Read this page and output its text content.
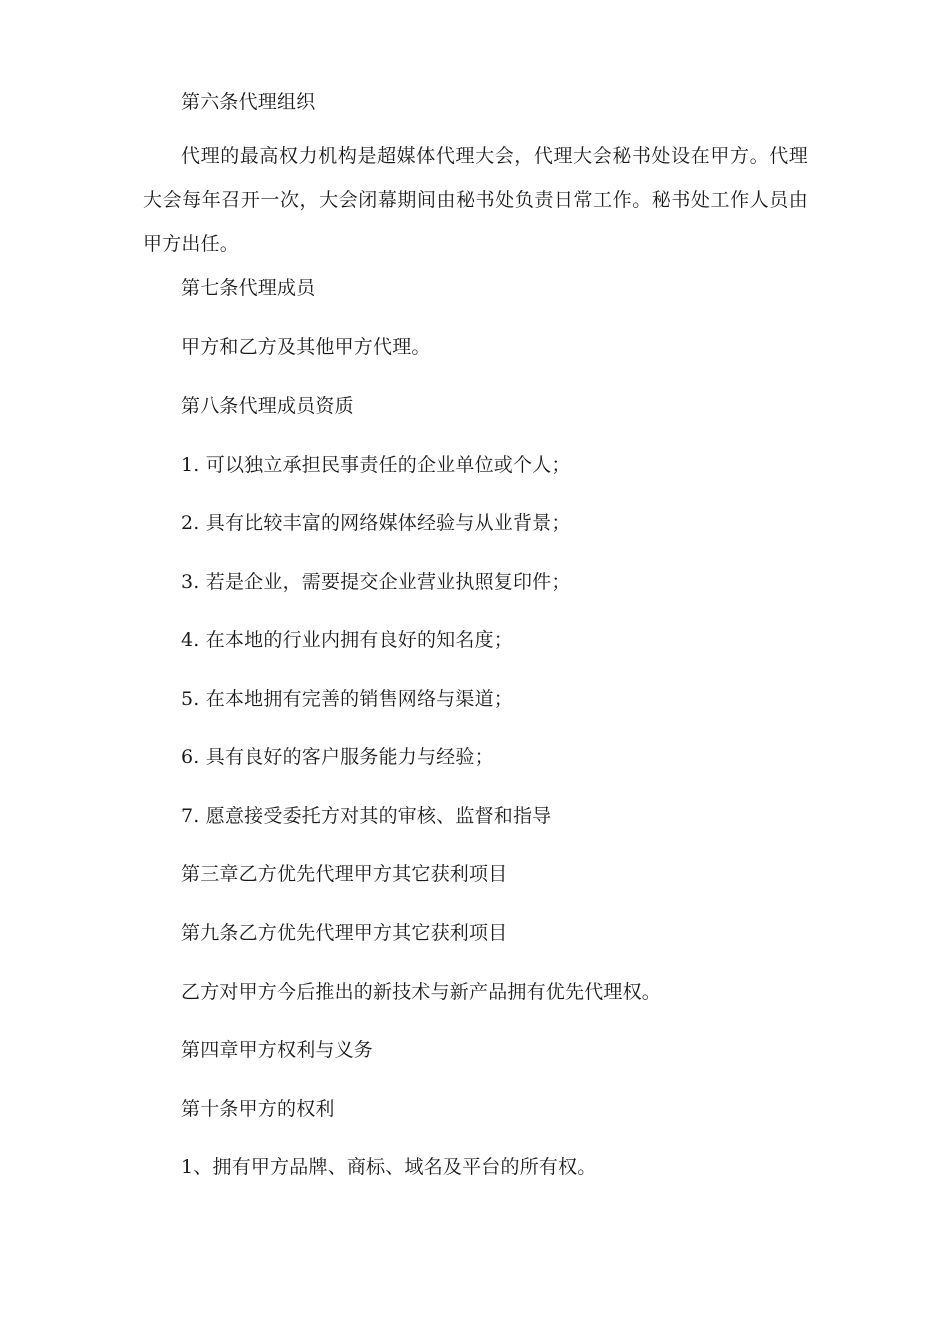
第六条代理组织
代理的最高权力机构是超媒体代理大会，代理大会秘书处设在甲方。代理大会每年召开一次，大会闭幕期间由秘书处负责日常工作。秘书处工作人员由甲方出任。
第七条代理成员
甲方和乙方及其他甲方代理。
第八条代理成员资质
1. 可以独立承担民事责任的企业单位或个人；
2. 具有比较丰富的网络媒体经验与从业背景；
3. 若是企业，需要提交企业营业执照复印件；
4. 在本地的行业内拥有良好的知名度；
5. 在本地拥有完善的销售网络与渠道；
6. 具有良好的客户服务能力与经验；
7. 愿意接受委托方对其的审核、监督和指导
第三章乙方优先代理甲方其它获利项目
第九条乙方优先代理甲方其它获利项目
乙方对甲方今后推出的新技术与新产品拥有优先代理权。
第四章甲方权利与义务
第十条甲方的权利
1、拥有甲方品牌、商标、域名及平台的所有权。
